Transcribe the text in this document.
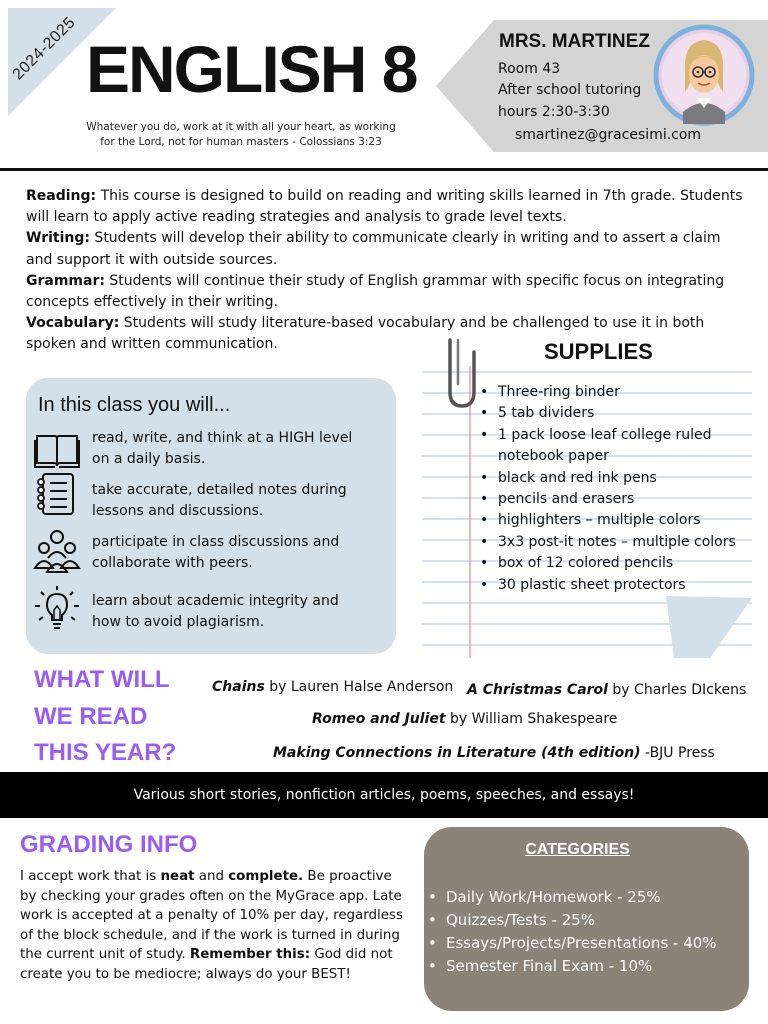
2024-2025 ENGLISH 8
Whatever you do, work at it with all your heart, as working
for the Lord, not for human masters - Colossians 3:23
MRS. MARTINEZ
Room 43
After school tutoring
hours 2:30-3:30
smartinez@gracesimi.com

Reading: This course is designed to build on reading and writing skills learned in 7th grade. Students will learn to apply active reading strategies and analysis to grade level texts.

Writing: Students will develop their ability to communicate clearly in writing and to assert a claim and support it with outside sources.

Grammar: Students will continue their study of English grammar with specific focus on integrating concepts effectively in their writing.

Vocabulary: Students will study literature-based vocabulary and be challenged to use it in both spoken and written communication.

In this class you will...
read, write, and think at a HIGH level
on a daily basis.
take accurate, detailed notes during
lessons and discussions.
participate in class discussions and
collaborate with peers.
learn about academic integrity and
how to avoid plagiarism.
SUPPLIES
• Three-ring binder
• 5 tab dividers
• 1 pack loose leaf college ruled notebook paper
• black and red ink pens
• pencils and erasers
• highlighters – multiple colors
• 3x3 post-it notes – multiple colors
• box of 12 colored pencils
• 30 plastic sheet protectors
WHAT WILL
WE READ
THIS YEAR?
Chains by Lauren Halse Anderson A Christmas Carol by Charles DIckens
Romeo and Juliet by William Shakespeare
Making Connections in Literature (4th edition) -BJU Press
Various short stories, nonfiction articles, poems, speeches, and essays!
GRADING INFO
I accept work that is neat and complete. Be proactive by checking your grades often on the MyGrace app. Late work is accepted at a penalty of 10% per day, regardless of the block schedule, and if the work is turned in during the current unit of study. Remember this: God did not create you to be mediocre; always do your BEST!
CATEGORIES
• Daily Work/Homework - 25%
• Quizzes/Tests - 25%
• Essays/Projects/Presentations - 40%
• Semester Final Exam - 10%
